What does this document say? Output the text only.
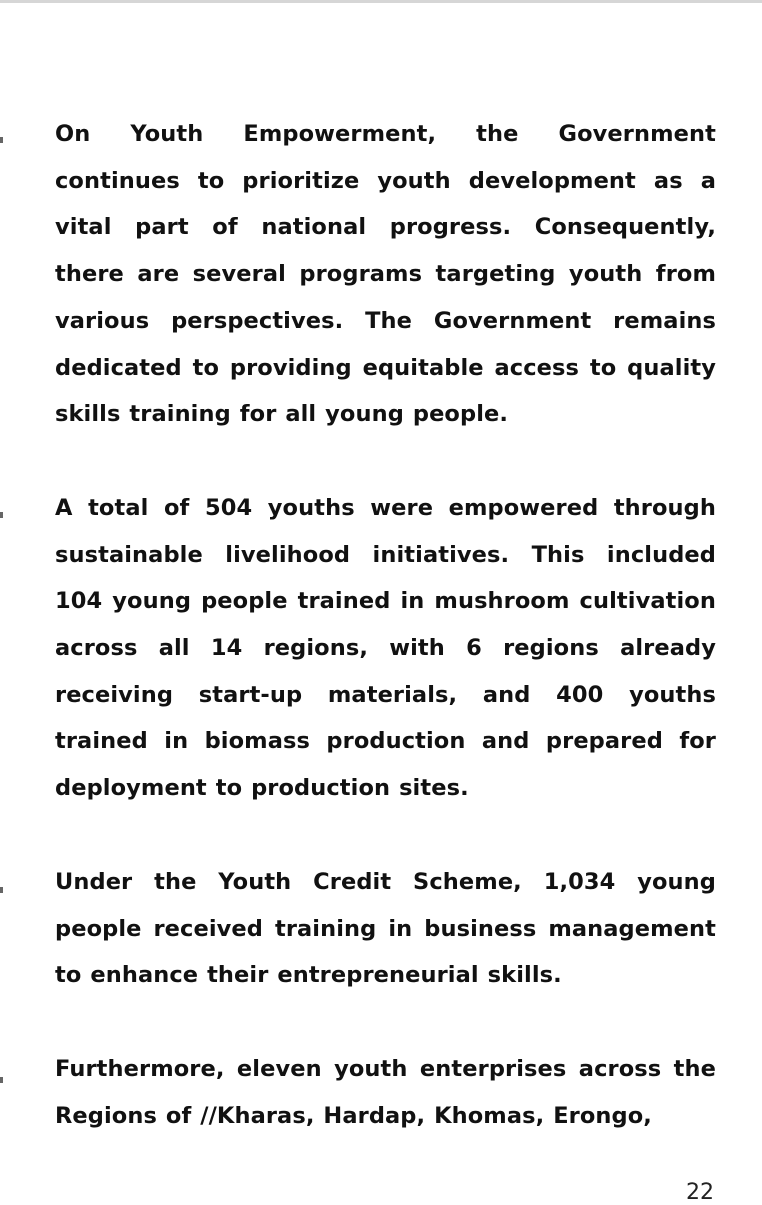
On Youth Empowerment, the Government continues to prioritize youth development as a vital part of national progress. Consequently, there are several programs targeting youth from various perspectives. The Government remains dedicated to providing equitable access to quality skills training for all young people.

A total of 504 youths were empowered through sustainable livelihood initiatives. This included 104 young people trained in mushroom cultivation across all 14 regions, with 6 regions already receiving start-up materials, and 400 youths trained in biomass production and prepared for deployment to production sites.

Under the Youth Credit Scheme, 1,034 young people received training in business management to enhance their entrepreneurial skills.

Furthermore, eleven youth enterprises across the Regions of //Kharas, Hardap, Khomas, Erongo,

22
